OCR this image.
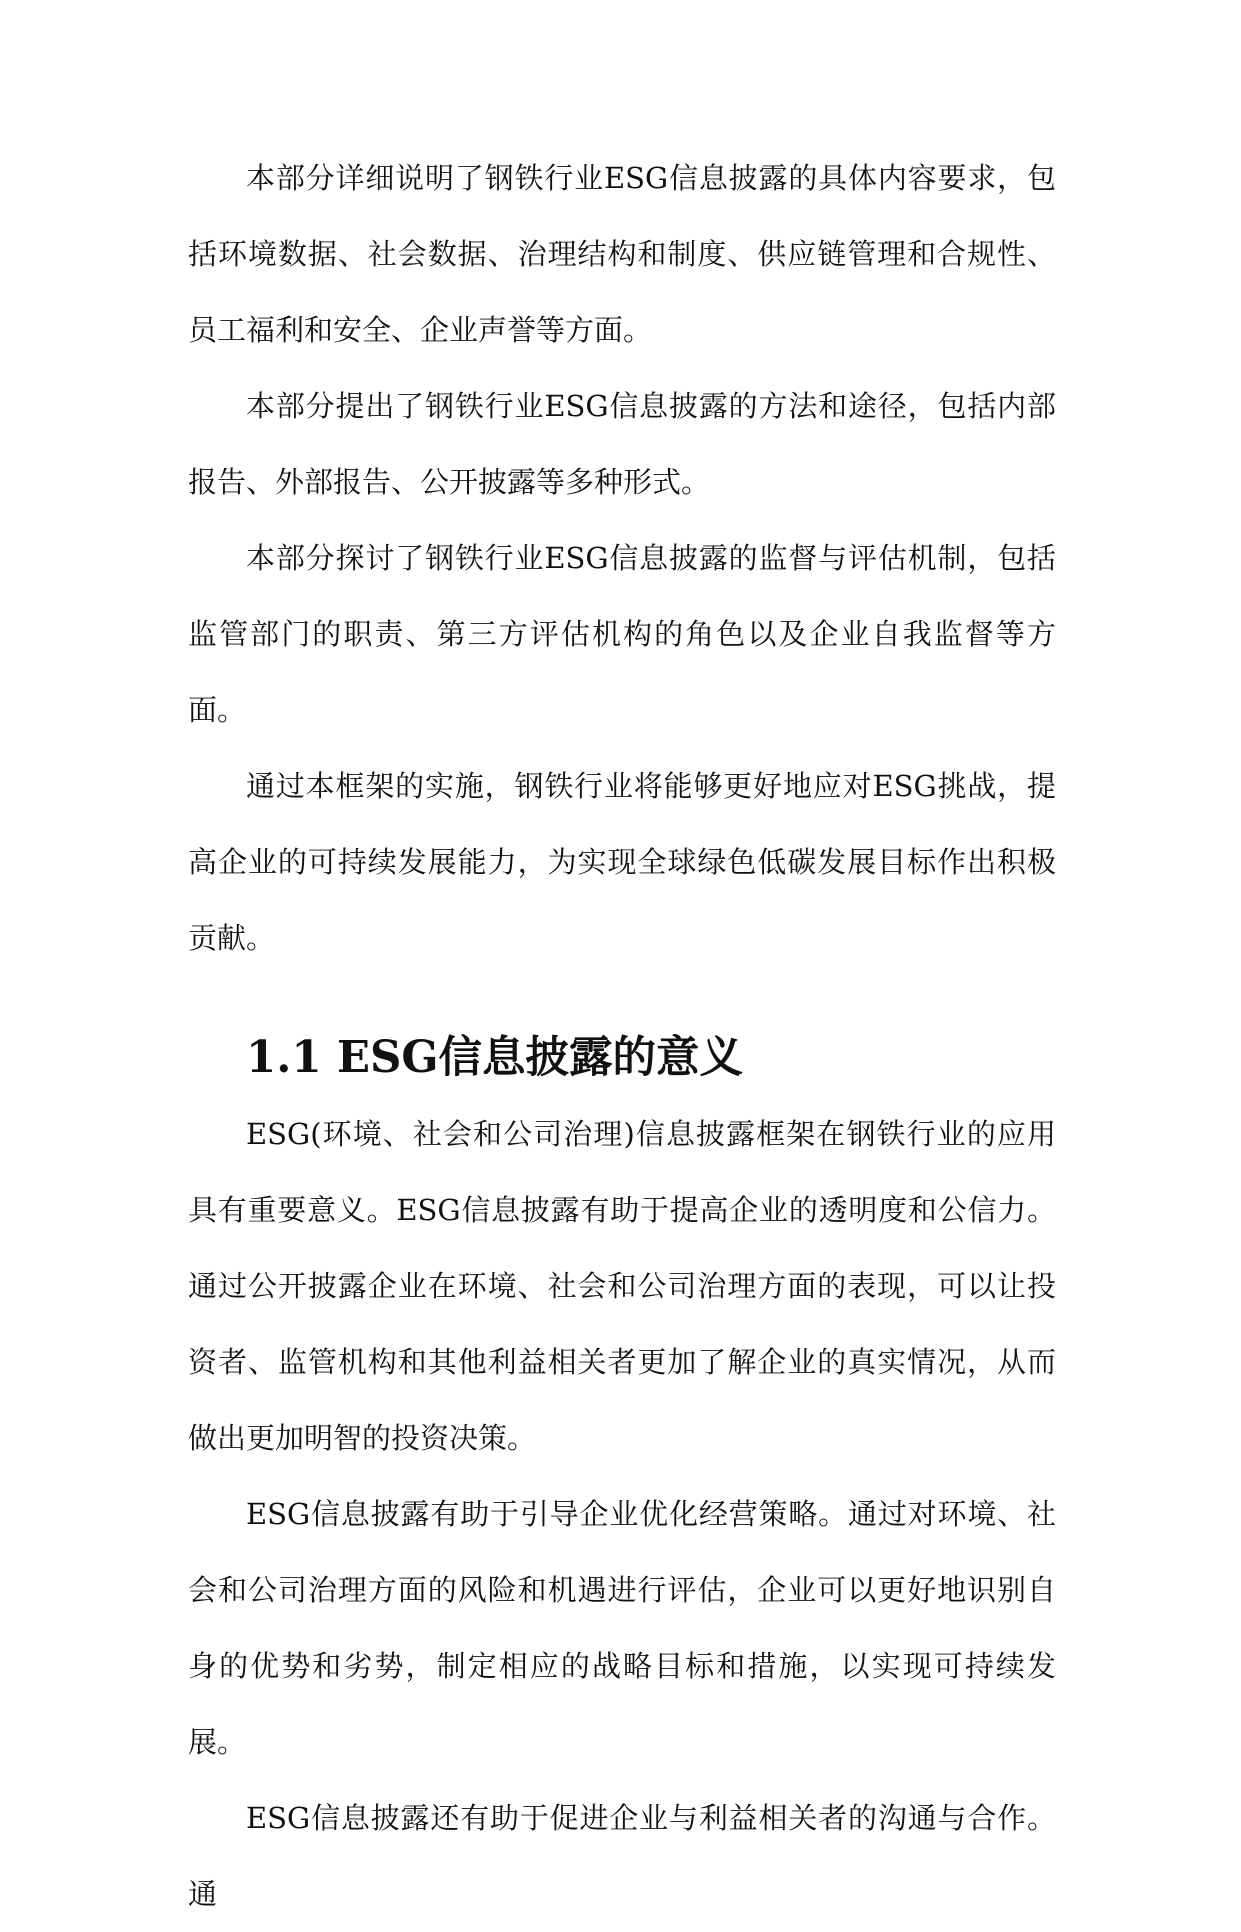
本部分详细说明了钢铁行业ESG信息披露的具体内容要求，包括环境数据、社会数据、治理结构和制度、供应链管理和合规性、员工福利和安全、企业声誉等方面。

本部分提出了钢铁行业ESG信息披露的方法和途径，包括内部报告、外部报告、公开披露等多种形式。

本部分探讨了钢铁行业ESG信息披露的监督与评估机制，包括监管部门的职责、第三方评估机构的角色以及企业自我监督等方面。

通过本框架的实施，钢铁行业将能够更好地应对ESG挑战，提高企业的可持续发展能力，为实现全球绿色低碳发展目标作出积极贡献。

1.1 ESG信息披露的意义

ESG(环境、社会和公司治理)信息披露框架在钢铁行业的应用具有重要意义。ESG信息披露有助于提高企业的透明度和公信力。通过公开披露企业在环境、社会和公司治理方面的表现，可以让投资者、监管机构和其他利益相关者更加了解企业的真实情况，从而做出更加明智的投资决策。

ESG信息披露有助于引导企业优化经营策略。通过对环境、社会和公司治理方面的风险和机遇进行评估，企业可以更好地识别自身的优势和劣势，制定相应的战略目标和措施，以实现可持续发展。

ESG信息披露还有助于促进企业与利益相关者的沟通与合作。通
